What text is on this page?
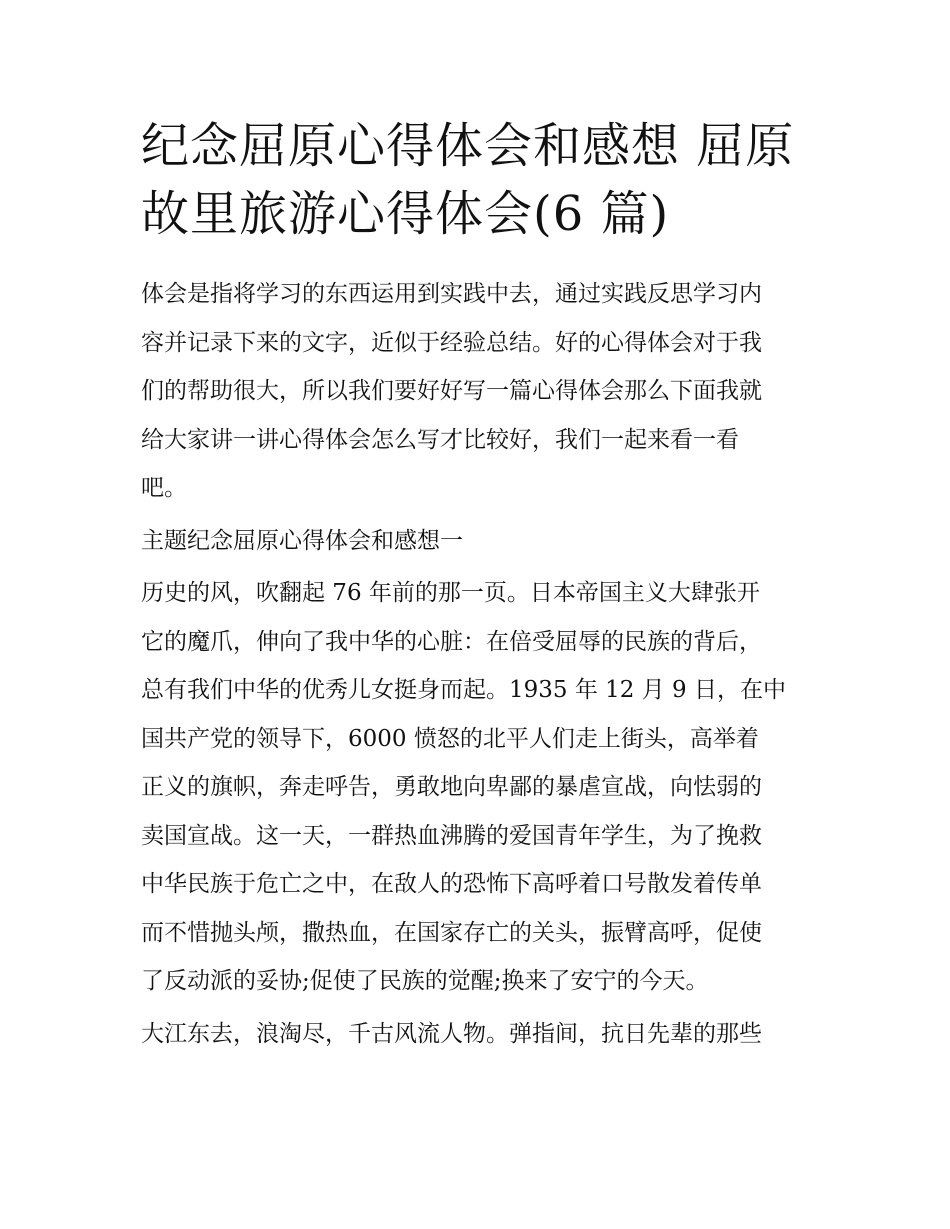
纪念屈原心得体会和感想 屈原
故里旅游心得体会(6 篇)

体会是指将学习的东西运用到实践中去，通过实践反思学习内
容并记录下来的文字，近似于经验总结。好的心得体会对于我
们的帮助很大，所以我们要好好写一篇心得体会那么下面我就
给大家讲一讲心得体会怎么写才比较好，我们一起来看一看
吧。

主题纪念屈原心得体会和感想一

历史的风，吹翻起 76 年前的那一页。日本帝国主义大肆张开
它的魔爪，伸向了我中华的心脏：在倍受屈辱的民族的背后，
总有我们中华的优秀儿女挺身而起。1935 年 12 月 9 日，在中
国共产党的领导下，6000 愤怒的北平人们走上街头，高举着
正义的旗帜，奔走呼告，勇敢地向卑鄙的暴虐宣战，向怯弱的
卖国宣战。这一天，一群热血沸腾的爱国青年学生，为了挽救
中华民族于危亡之中，在敌人的恐怖下高呼着口号散发着传单
而不惜抛头颅，撒热血，在国家存亡的关头，振臂高呼，促使
了反动派的妥协;促使了民族的觉醒;换来了安宁的今天。

大江东去，浪淘尽，千古风流人物。弹指间，抗日先辈的那些
